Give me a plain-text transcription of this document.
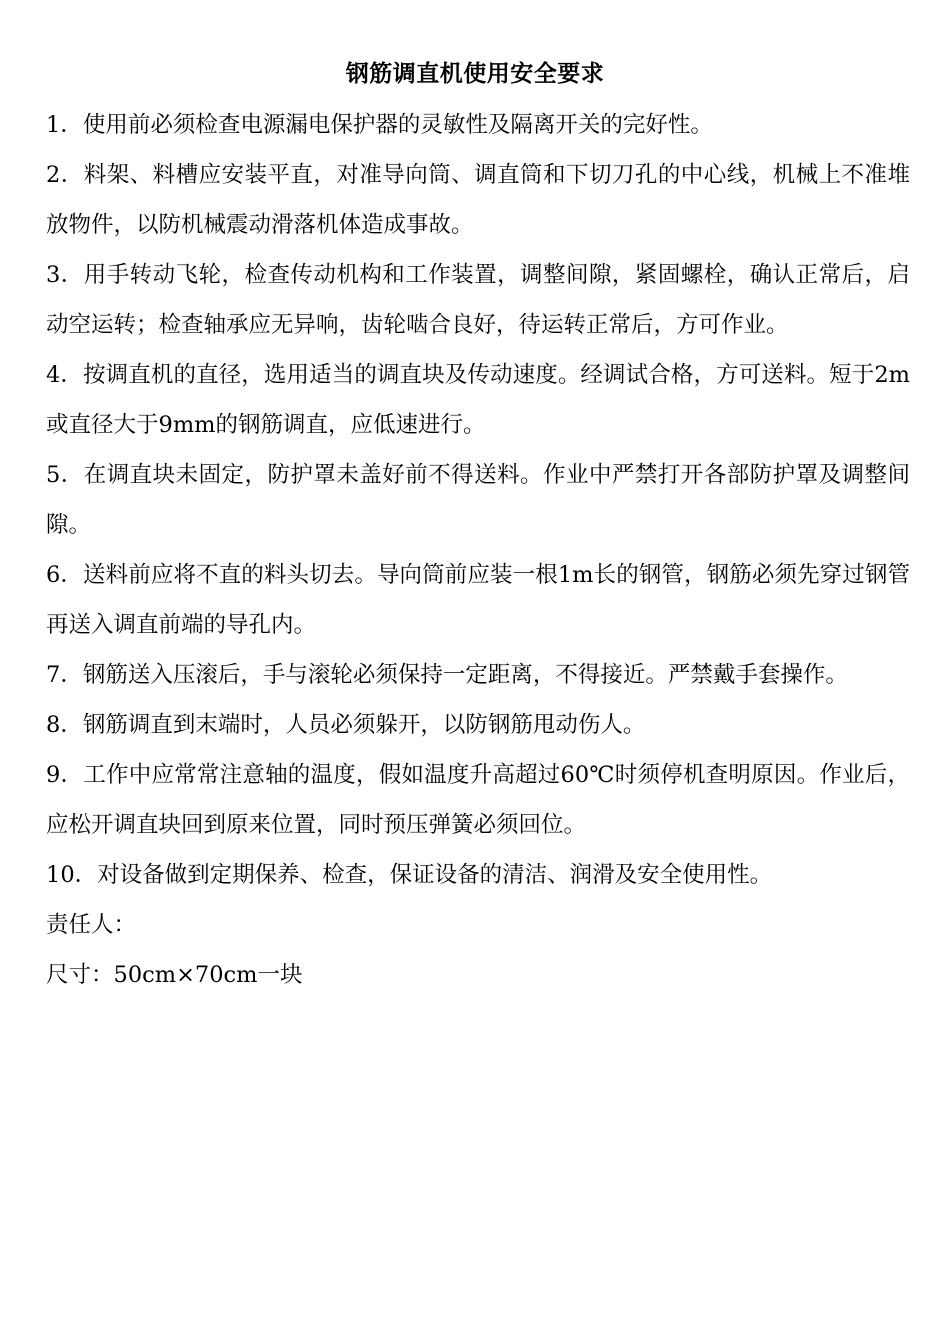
钢筋调直机使用安全要求

1．使用前必须检查电源漏电保护器的灵敏性及隔离开关的完好性。

2．料架、料槽应安装平直，对准导向筒、调直筒和下切刀孔的中心线，机械上不准堆放物件，以防机械震动滑落机体造成事故。

3．用手转动飞轮，检查传动机构和工作装置，调整间隙，紧固螺栓，确认正常后，启动空运转；检查轴承应无异响，齿轮啮合良好，待运转正常后，方可作业。

4．按调直机的直径，选用适当的调直块及传动速度。经调试合格，方可送料。短于2m或直径大于9mm的钢筋调直，应低速进行。

5．在调直块未固定，防护罩未盖好前不得送料。作业中严禁打开各部防护罩及调整间隙。

6．送料前应将不直的料头切去。导向筒前应装一根1m长的钢管，钢筋必须先穿过钢管再送入调直前端的导孔内。

7．钢筋送入压滚后，手与滚轮必须保持一定距离，不得接近。严禁戴手套操作。

8．钢筋调直到末端时，人员必须躲开，以防钢筋甩动伤人。

9．工作中应常常注意轴的温度，假如温度升高超过60℃时须停机查明原因。作业后，应松开调直块回到原来位置，同时预压弹簧必须回位。

10．对设备做到定期保养、检查，保证设备的清洁、润滑及安全使用性。

责任人：

尺寸：50cm×70cm一块
